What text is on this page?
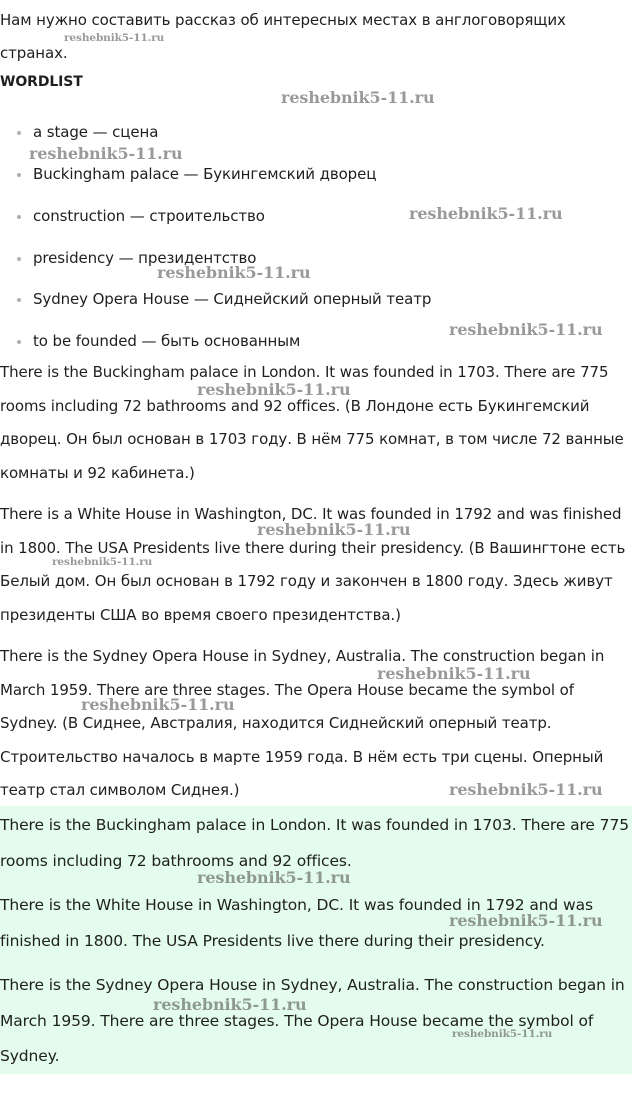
Нам нужно составить рассказ об интересных местах в англоговорящих странах.
WORDLIST
a stage — сцена
Buckingham palace — Букингемский дворец
construction — строительство
presidency — президентство
Sydney Opera House — Сиднейский оперный театр
to be founded — быть основанным
There is the Buckingham palace in London. It was founded in 1703. There are 775 rooms including 72 bathrooms and 92 offices. (В Лондоне есть Букингемский дворец. Он был основан в 1703 году. В нём 775 комнат, в том числе 72 ванные комнаты и 92 кабинета.)
There is a White House in Washington, DC. It was founded in 1792 and was finished in 1800. The USA Presidents live there during their presidency. (В Вашингтоне есть Белый дом. Он был основан в 1792 году и закончен в 1800 году. Здесь живут президенты США во время своего президентства.)
There is the Sydney Opera House in Sydney, Australia. The construction began in March 1959. There are three stages. The Opera House became the symbol of Sydney. (В Сиднее, Австралия, находится Сиднейский оперный театр. Строительство началось в марте 1959 года. В нём есть три сцены. Оперный театр стал символом Сиднея.)
There is the Buckingham palace in London. It was founded in 1703. There are 775 rooms including 72 bathrooms and 92 offices.
There is the White House in Washington, DC. It was founded in 1792 and was finished in 1800. The USA Presidents live there during their presidency.
There is the Sydney Opera House in Sydney, Australia. The construction began in March 1959. There are three stages. The Opera House became the symbol of Sydney.
reshebnik5-11.ru
reshebnik5-11.ru
reshebnik5-11.ru
reshebnik5-11.ru
reshebnik5-11.ru
reshebnik5-11.ru
reshebnik5-11.ru
reshebnik5-11.ru
reshebnik5-11.ru
reshebnik5-11.ru
reshebnik5-11.ru
reshebnik5-11.ru
reshebnik5-11.ru
reshebnik5-11.ru
reshebnik5-11.ru
reshebnik5-11.ru
